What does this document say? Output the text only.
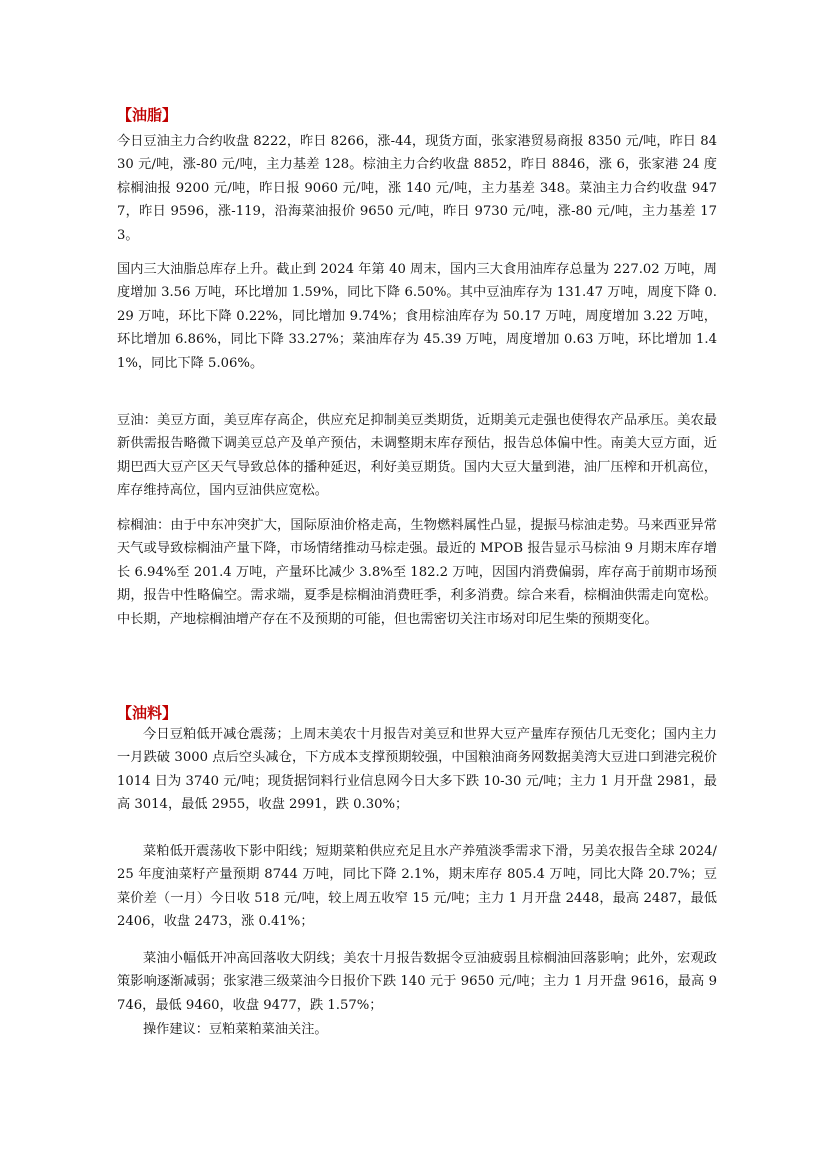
【油脂】

今日豆油主力合约收盘 8222，昨日 8266，涨-44，现货方面，张家港贸易商报 8350 元/吨，昨日 8430 元/吨，涨-80 元/吨，主力基差 128。棕油主力合约收盘 8852，昨日 8846，涨 6，张家港 24 度棕榈油报 9200 元/吨，昨日报 9060 元/吨，涨 140 元/吨，主力基差 348。菜油主力合约收盘 9477，昨日 9596，涨-119，沿海菜油报价 9650 元/吨，昨日 9730 元/吨，涨-80 元/吨，主力基差 173。

国内三大油脂总库存上升。截止到 2024 年第 40 周末，国内三大食用油库存总量为 227.02 万吨，周度增加 3.56 万吨，环比增加 1.59%，同比下降 6.50%。其中豆油库存为 131.47 万吨，周度下降 0.29 万吨，环比下降 0.22%，同比增加 9.74%；食用棕油库存为 50.17 万吨，周度增加 3.22 万吨，环比增加 6.86%，同比下降 33.27%；菜油库存为 45.39 万吨，周度增加 0.63 万吨，环比增加 1.41%，同比下降 5.06%。

豆油：美豆方面，美豆库存高企，供应充足抑制美豆类期货，近期美元走强也使得农产品承压。美农最新供需报告略微下调美豆总产及单产预估，未调整期末库存预估，报告总体偏中性。南美大豆方面，近期巴西大豆产区天气导致总体的播种延迟，利好美豆期货。国内大豆大量到港，油厂压榨和开机高位，库存维持高位，国内豆油供应宽松。

棕榈油：由于中东冲突扩大，国际原油价格走高，生物燃料属性凸显，提振马棕油走势。马来西亚异常天气或导致棕榈油产量下降，市场情绪推动马棕走强。最近的 MPOB 报告显示马棕油 9 月期末库存增长 6.94%至 201.4 万吨，产量环比减少 3.8%至 182.2 万吨，因国内消费偏弱，库存高于前期市场预期，报告中性略偏空。需求端，夏季是棕榈油消费旺季，利多消费。综合来看，棕榈油供需走向宽松。中长期，产地棕榈油增产存在不及预期的可能，但也需密切关注市场对印尼生柴的预期变化。

【油料】

今日豆粕低开减仓震荡；上周末美农十月报告对美豆和世界大豆产量库存预估几无变化；国内主力一月跌破 3000 点后空头减仓，下方成本支撑预期较强，中国粮油商务网数据美湾大豆进口到港完税价 1014 日为 3740 元/吨；现货据饲料行业信息网今日大多下跌 10-30 元/吨；主力 1 月开盘 2981，最高 3014，最低 2955，收盘 2991，跌 0.30%；

菜粕低开震荡收下影中阳线；短期菜粕供应充足且水产养殖淡季需求下滑，另美农报告全球 2024/25 年度油菜籽产量预期 8744 万吨，同比下降 2.1%，期末库存 805.4 万吨，同比大降 20.7%；豆菜价差（一月）今日收 518 元/吨，较上周五收窄 15 元/吨；主力 1 月开盘 2448，最高 2487，最低 2406，收盘 2473，涨 0.41%；

菜油小幅低开冲高回落收大阴线；美农十月报告数据令豆油疲弱且棕榈油回落影响；此外，宏观政策影响逐渐减弱；张家港三级菜油今日报价下跌 140 元于 9650 元/吨；主力 1 月开盘 9616，最高 9746，最低 9460，收盘 9477，跌 1.57%；

操作建议：豆粕菜粕菜油关注。
